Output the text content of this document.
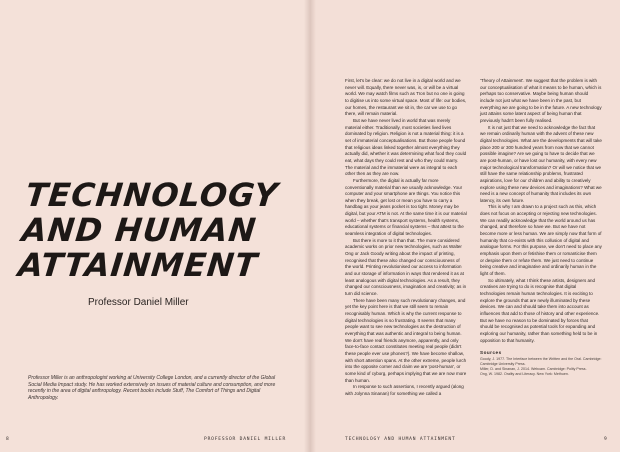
TECHNOLOGY
AND HUMAN
ATTAINMENT
Professor Daniel Miller
Professor Miller is an anthropologist working at University College London, and a currently director of the Global Social Media Impact study. He has worked extensively on issues of material culture and consumption, and more recently in the area of digital anthropology. Recent books include Stuff, The Comfort of Things and Digital Anthropology.
8	PROFESSOR DANIEL MILLER

First, let's be clear: we do not live in a digital world and we never will. Equally, there never was, is, or will be a virtual world. We may watch films such as Tron but no one is going to digitise us into some virtual space. Most of life: our bodies, our homes, the restaurant we sit in, the car we use to go there, will remain material.

But we have never lived in world that was merely material either. Traditionally, most societies lived lives dominated by religion. Religion is not a material thing: it is a set of immaterial conceptualisations. But those people found that religious ideas linked together almost everything they actually did, whether it was determining what food they could eat, what days they could rest and who they could marry. The material and the immaterial were as integral to each other then as they are now.

Furthermore, the digital is actually far more conventionally material than we usually acknowledge. Your computer and your smartphone are things. You notice this when they break, get lost or mean you have to carry a handbag as your jeans pocket is too tight. Money may be digital, but your ATM is not. At the same time it is our material world – whether that's transport systems, health systems, educational systems or financial systems – that attest to the seamless integration of digital technologies.

But there is more to it than that. The more considered academic works on prior new technologies, such as Walter Ong or Jack Goody writing about the impact of printing, recognised that these also changed our consciousness of the world. Printing revolutionised our access to information and our storage of information in ways that rendered it as at least analogous with digital technologies. As a result, they changed our consciousness, imagination and creativity; as in turn did science.

There have been many such revolutionary changes, and yet the key point here is that we still seem to remain recognisably human. Which is why the current response to digital technologies is so frustrating. It seems that many people want to see new technologies as the destruction of everything that was authentic and integral to being human. We don't have real friends anymore, apparently, and only face-to-face contact constitutes meeting real people (didn't these people ever use phones?). We have become shallow, with short attention spans. At the other extreme, people lurch into the opposite corner and claim we are 'post-human', or some kind of cyborg, perhaps implying that we are now more than human.

In response to such assertions, I recently argued (along with Jolynna Sinanan) for something we called a

'Theory of Attainment'. We suggest that the problem is with our conceptualisation of what it means to be human, which is perhaps too conservative. Maybe being human should include not just what we have been in the past, but everything we are going to be in the future. A new technology just attains some latent aspect of being human that previously hadn't been fully realised.

It is not just that we need to acknowledge the fact that we remain ordinarily human with the advent of these new digital technologies. What are the developments that will take place 200 or 300 hundred years from now that we cannot possible imagine? Are we going to have to decide that we are post-human, or have lost our humanity, with every new major technological transformation? Or will we notice that we still have the same relationship problems, frustrated aspirations, love for our children and ability to creatively explore using these new devices and imaginations? What we need is a new concept of humanity that includes its own latency, its own future.

This is why I am drawn to a project such as this, which does not focus on accepting or rejecting new technologies. We can readily acknowledge that the world around us has changed, and therefore so have we. But we have not become more or less human. We are simply now that form of humanity that co-exists with this collusion of digital and analogue forms. For this purpose, we don't need to place any emphasis upon them or fetishise them or romanticise them or despise them or refute them. We just need to continue being creative and imaginative and ordinarily human in the light of them.

So ultimately, what I think these artists, designers and creatives are trying to do is recognise that digital technologies remain human technologies. It is exciting to explore the grounds that are newly illuminated by these devices. We can and should take them into account as influences that add to those of history and other experience. But we have no reason to be dominated by forces that should be recognised as potential tools for expanding and exploring our humanity, rather than something held to be in opposition to that humanity.

Sources
Goody, J. 1977. The Interface between the Written and the Oral. Cambridge: Cambridge University Press.
Miller, D. and Sinanan, J. 2014. Webcam. Cambridge: Polity Press.
Ong, W. 1982. Orality and Literacy. New York: Methuen.
TECHNOLOGY AND HUMAN ATTAINMENT	9
